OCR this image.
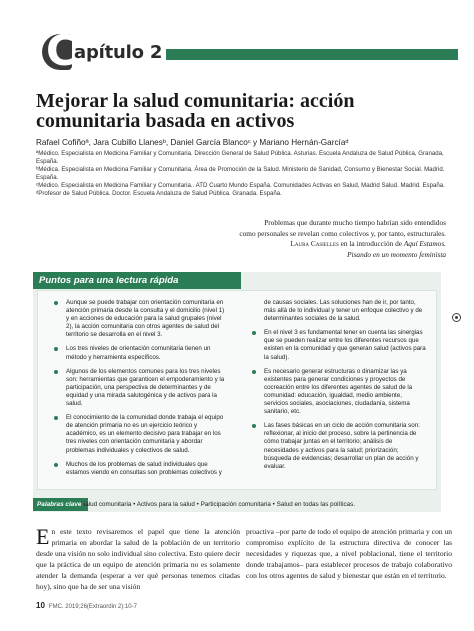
C
apítulo 2
Mejorar la salud comunitaria: acción comunitaria basada en activos
Rafael Cofiñoª, Jara Cubillo Llanesᵇ, Daniel García Blancoᶜ y Mariano Hernán-Garcíaᵈ
ªMédico. Especialista en Medicina Familiar y Comunitaria. Dirección General de Salud Pública. Asturias. Escuela Andaluza de Salud Pública, Granada, España.
ᵇMédica. Especialista en Medicina Familiar y Comunitaria. Área de Promoción de la Salud. Ministerio de Sanidad, Consumo y Bienestar Social. Madrid. España.
ᶜMédico. Especialista en Medicina Familiar y Comunitaria.. ATD Cuarto Mundo España. Comunidades Activas en Salud, Madrid Salud. Madrid. España.
ᵈProfesor de Salud Pública. Doctor. Escuela Andaluza de Salud Pública. Granada. España.
Problemas que durante mucho tiempo habrían sido entendidos
como personales se revelan como colectivos y, por tanto, estructurales.
Laura Casielles en la introducción de Aquí Estamos.
Pisando en un momento feminista
Puntos para una lectura rápida
Aunque se puede trabajar con orientación comunitaria en atención primaria desde la consulta y el domicilio (nivel 1) y en acciones de educación para la salud grupales (nivel 2), la acción comunitaria con otros agentes de salud del territorio se desarrolla en el nivel 3.
Los tres niveles de orientación comunitaria tienen un método y herramienta específicos.
Algunos de los elementos comunes para los tres niveles son: herramientas que garanticen el empoderamiento y la participación, una perspectiva de determinantes y de equidad y una mirada salutogénica y de activos para la salud.
El conocimiento de la comunidad donde trabaja el equipo de atención primaria no es un ejercicio teórico y académico, es un elemento decisivo para trabajar en los tres niveles con orientación comunitaria y abordar problemas individuales y colectivos de salud.
Muchos de los problemas de salud individuales que estamos viendo en consultas son problemas colectivos y
de causas sociales. Las soluciones han de ir, por tanto, más allá de lo individual y tener un enfoque colectivo y de determinantes sociales de la salud.
En el nivel 3 es fundamental tener en cuenta las sinergias que se pueden realizar entre los diferentes recursos que existen en la comunidad y que generan salud (activos para la salud).
Es necesario generar estructuras o dinamizar las ya existentes para generar condiciones y proyectos de cocreación entre los diferentes agentes de salud de la comunidad: educación, igualdad, medio ambiente, servicios sociales, asociaciones, ciudadanía, sistema sanitario, etc.
Las fases básicas en un ciclo de acción comunitaria son: reflexionar, al inicio del proceso, sobre la pertinencia de cómo trabajar juntas en el territorio; análisis de necesidades y activos para la salud; priorización; búsqueda de evidencias; desarrollar un plan de acción y evaluar.
Palabras clave:
Salud comunitaria • Activos para la salud • Participación comunitaria • Salud en todas las políticas.
En este texto revisaremos el papel que tiene la atención primaria en abordar la salud de la población de un territorio desde una visión no solo individual sino colectiva. Esto quiere decir que la práctica de un equipo de atención primaria no es solamente atender la demanda (esperar a ver qué personas tenemos citadas hoy), sino que ha de ser una visión
proactiva –por parte de todo el equipo de atención primaria y con un compromiso explícito de la estructura directiva de conocer las necesidades y riquezas que, a nivel poblacional, tiene el territorio donde trabajamos– para establecer procesos de trabajo colaborativo con los otros agentes de salud y bienestar que están en el territorio.
10 FMC. 2019;26(Extraordin 2):10-7
